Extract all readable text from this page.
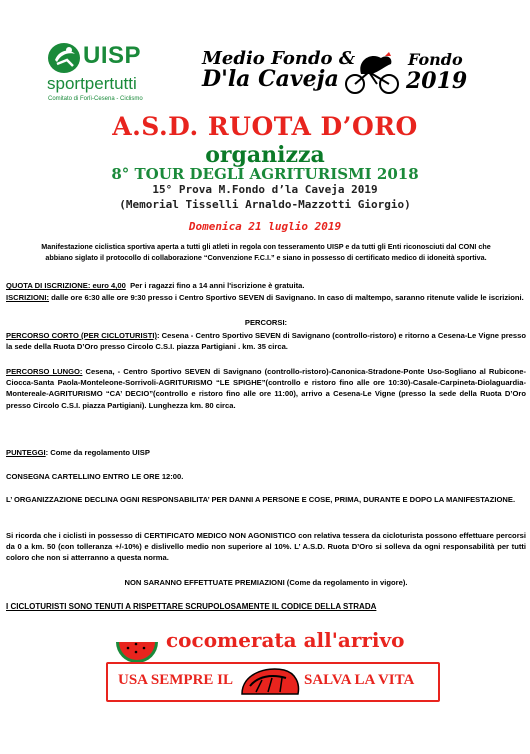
UISP
sportpertutti
Comitato di Forlì-Cesena - Ciclismo
Medio Fondo &
D'la Caveja
Fondo
2019
A.S.D. RUOTA D’ORO
organizza
8° TOUR DEGLI AGRITURISMI 2018
15° Prova M.Fondo d’la Caveja 2019
(Memorial Tisselli Arnaldo-Mazzotti Giorgio)
Domenica 21 luglio 2019
Manifestazione ciclistica sportiva aperta a tutti gli atleti in regola con tesseramento UISP e da tutti gli Enti riconosciuti dal CONI che abbiano siglato il protocollo di collaborazione “Convenzione F.C.I.” e siano in possesso di certificato medico di idoneità sportiva.
QUOTA DI ISCRIZIONE: euro 4,00 Per i ragazzi fino a 14 anni l'iscrizione è gratuita.
ISCRIZIONI: dalle ore 6:30 alle ore 9:30 presso i Centro Sportivo SEVEN di Savignano. In caso di maltempo, saranno ritenute valide le iscrizioni.
PERCORSI:
PERCORSO CORTO (PER CICLOTURISTI): Cesena - Centro Sportivo SEVEN di Savignano (controllo-ristoro) e ritorno a Cesena-Le Vigne presso la sede della Ruota D’Oro presso Circolo C.S.I. piazza Partigiani . km. 35 circa.
PERCORSO LUNGO: Cesena, - Centro Sportivo SEVEN di Savignano (controllo-ristoro)-Canonica-Stradone-Ponte Uso-Sogliano al Rubicone-Ciocca-Santa Paola-Monteleone-Sorrivoli-AGRITURISMO “LE SPIGHE”(controllo e ristoro fino alle ore 10:30)-Casale-Carpineta-Diolaguardia-Montereale-AGRITURISMO “CA’ DECIO”(controllo e ristoro fino alle ore 11:00), arrivo a Cesena-Le Vigne (presso la sede della Ruota D’Oro presso Circolo C.S.I. piazza Partigiani). Lunghezza km. 80 circa.
PUNTEGGI: Come da regolamento UISP
CONSEGNA CARTELLINO ENTRO LE ORE 12:00.
L’ ORGANIZZAZIONE DECLINA OGNI RESPONSABILITA’ PER DANNI A PERSONE E COSE, PRIMA, DURANTE E DOPO LA MANIFESTAZIONE.
Si ricorda che i ciclisti in possesso di CERTIFICATO MEDICO NON AGONISTICO con relativa tessera da cicloturista possono effettuare percorsi da 0 a km. 50 (con tolleranza +/-10%) e dislivello medio non superiore al 10%. L’ A.S.D. Ruota D’Oro si solleva da ogni responsabilità per tutti coloro che non si atterranno a questa norma.
NON SARANNO EFFETTUATE PREMIAZIONI (Come da regolamento in vigore).
I CICLOTURISTI SONO TENUTI A RISPETTARE SCRUPOLOSAMENTE IL CODICE DELLA STRADA
cocomerata all'arrivo
USA SEMPRE IL	SALVA LA VITA
